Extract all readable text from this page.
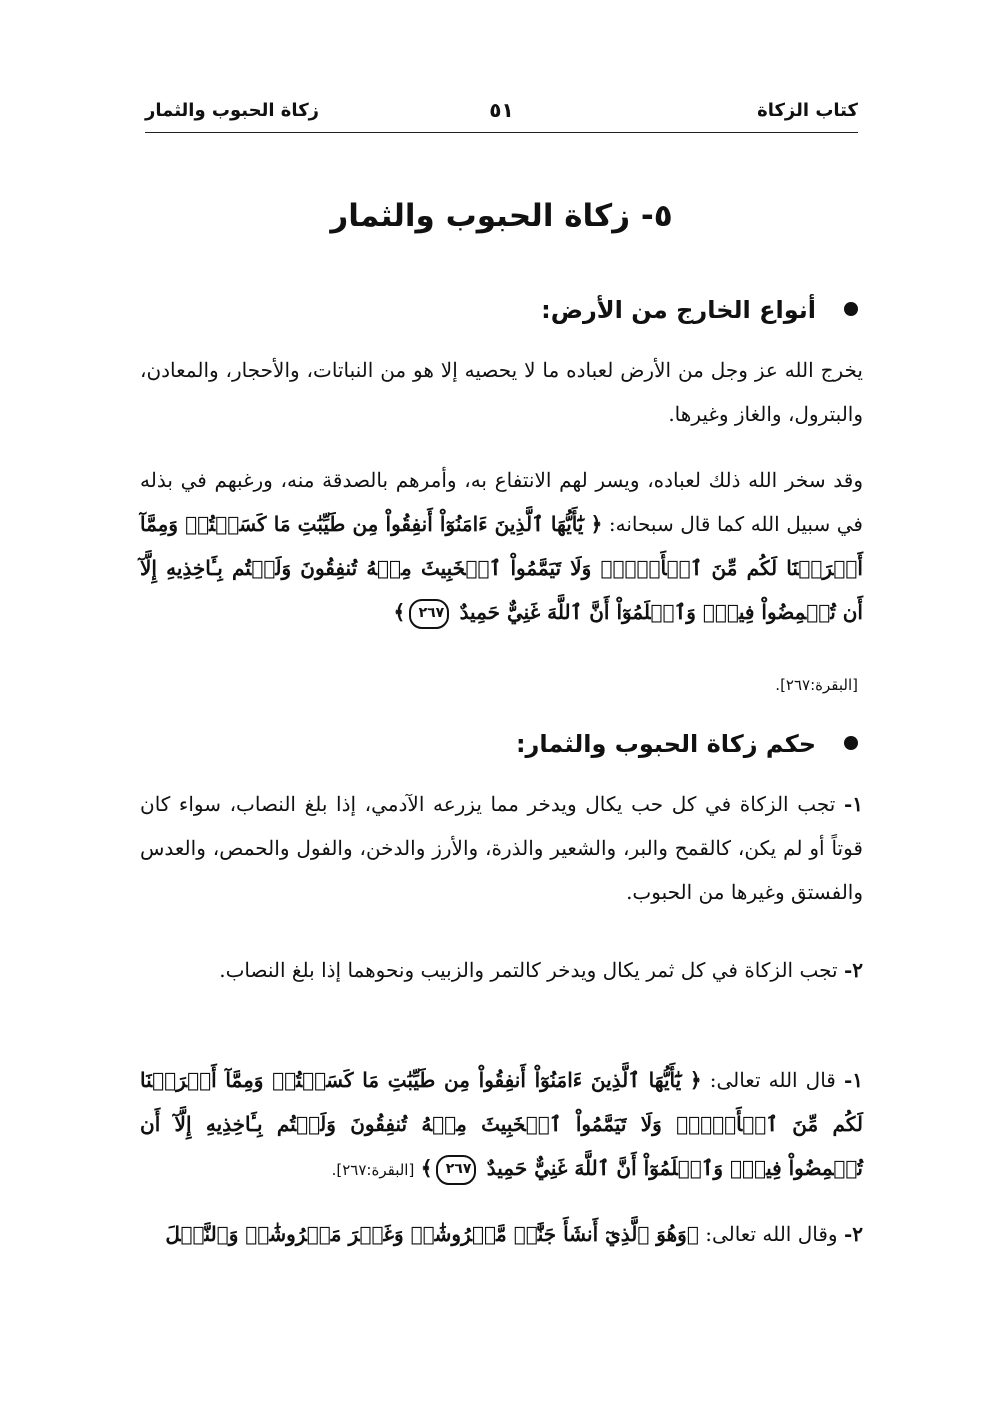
كتاب الزكاة
٥١
زكاة الحبوب والثمار
٥- زكاة الحبوب والثمار
أنواع الخارج من الأرض:
يخرج الله عز وجل من الأرض لعباده ما لا يحصيه إلا هو من النباتات، والأحجار، والمعادن، والبترول، والغاز وغيرها.
وقد سخر الله ذلك لعباده، ويسر لهم الانتفاع به، وأمرهم بالصدقة منه، ورغبهم في بذله في سبيل الله كما قال سبحانه: ﴿ يَٰٓأَيُّهَا ٱلَّذِينَ ءَامَنُوٓاْ أَنفِقُواْ مِن طَيِّبَٰتِ مَا كَسَبۡتُمۡ وَمِمَّآ أَخۡرَجۡنَا لَكُم مِّنَ ٱلۡأَرۡضِۖ وَلَا تَيَمَّمُواْ ٱلۡخَبِيثَ مِنۡهُ تُنفِقُونَ وَلَسۡتُم بِـَٔاخِذِيهِ إِلَّآ أَن تُغۡمِضُواْ فِيهِۚ وَٱعۡلَمُوٓاْ أَنَّ ٱللَّهَ غَنِيٌّ حَمِيدٌ ٢٦٧﴾
[البقرة:٢٦٧].
حكم زكاة الحبوب والثمار:
١- تجب الزكاة في كل حب يكال ويدخر مما يزرعه الآدمي، إذا بلغ النصاب، سواء كان قوتاً أو لم يكن، كالقمح والبر، والشعير والذرة، والأرز والدخن، والفول والحمص، والعدس والفستق وغيرها من الحبوب.
٢- تجب الزكاة في كل ثمر يكال ويدخر كالتمر والزبيب ونحوهما إذا بلغ النصاب.
١- قال الله تعالى: ﴿ يَٰٓأَيُّهَا ٱلَّذِينَ ءَامَنُوٓاْ أَنفِقُواْ مِن طَيِّبَٰتِ مَا كَسَبۡتُمۡ وَمِمَّآ أَخۡرَجۡنَا لَكُم مِّنَ ٱلۡأَرۡضِۖ وَلَا تَيَمَّمُواْ ٱلۡخَبِيثَ مِنۡهُ تُنفِقُونَ وَلَسۡتُم بِـَٔاخِذِيهِ إِلَّآ أَن تُغۡمِضُواْ فِيهِۚ وَٱعۡلَمُوٓاْ أَنَّ ٱللَّهَ غَنِيٌّ حَمِيدٌ ٢٦٧﴾ [البقرة:٢٦٧].
٢- وقال الله تعالى: ﴿وَهُوَ ٱلَّذِيٓ أَنشَأَ جَنَّٰتٖ مَّعۡرُوشَٰتٖ وَغَيۡرَ مَعۡرُوشَٰتٖ وَٱلنَّخۡلَ
